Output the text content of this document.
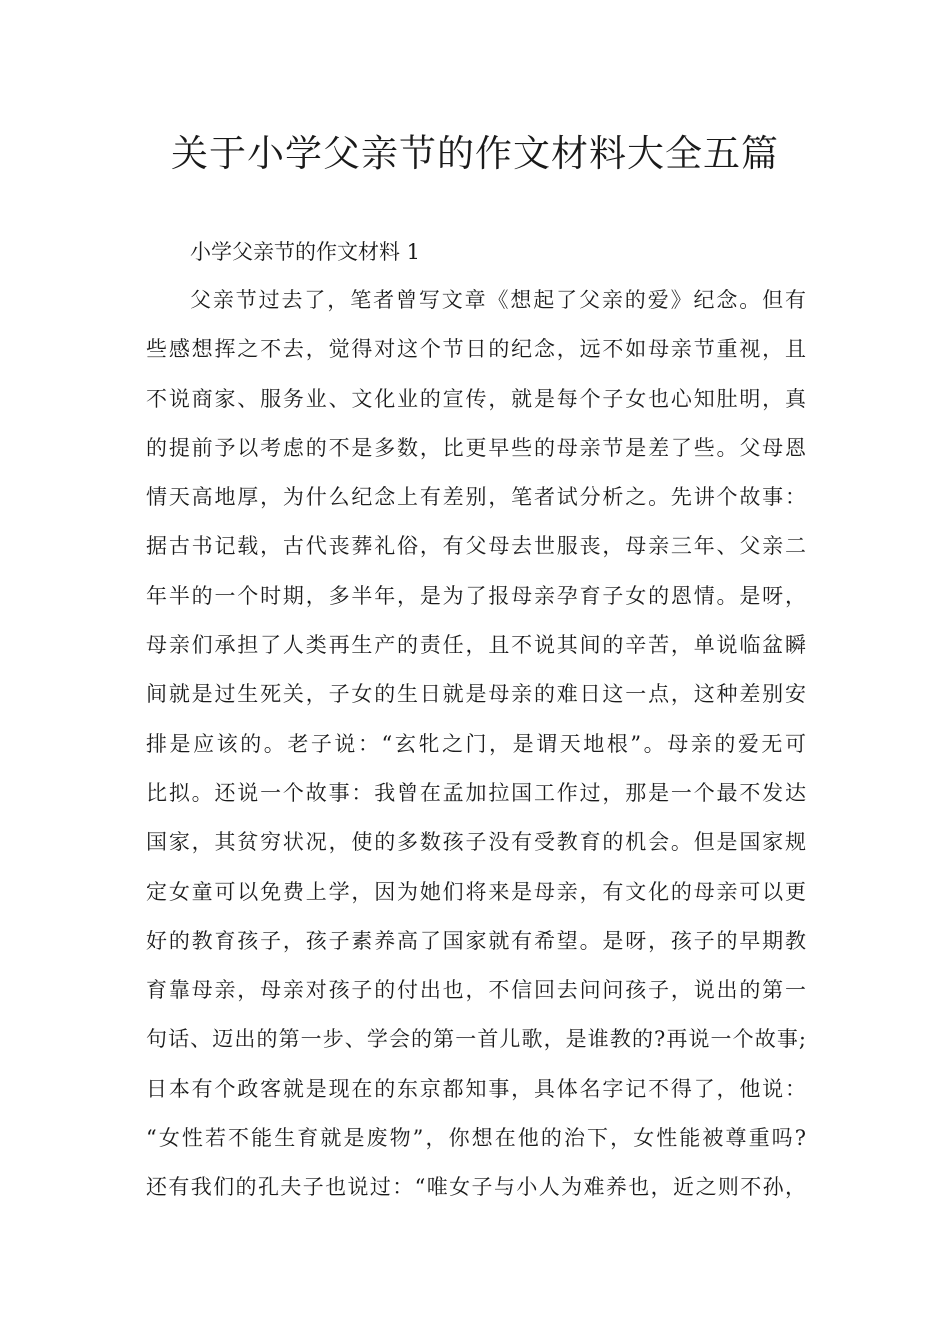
关于小学父亲节的作文材料大全五篇
小学父亲节的作文材料 1
父亲节过去了，笔者曾写文章《想起了父亲的爱》纪念。但有
些感想挥之不去，觉得对这个节日的纪念，远不如母亲节重视，且
不说商家、服务业、文化业的宣传，就是每个子女也心知肚明，真
的提前予以考虑的不是多数，比更早些的母亲节是差了些。父母恩
情天高地厚，为什么纪念上有差别，笔者试分析之。先讲个故事：
据古书记载，古代丧葬礼俗，有父母去世服丧，母亲三年、父亲二
年半的一个时期，多半年，是为了报母亲孕育子女的恩情。是呀，
母亲们承担了人类再生产的责任，且不说其间的辛苦，单说临盆瞬
间就是过生死关，子女的生日就是母亲的难日这一点，这种差别安
排是应该的。老子说：“玄牝之门，是谓天地根”。母亲的爱无可
比拟。还说一个故事：我曾在孟加拉国工作过，那是一个最不发达
国家，其贫穷状况，使的多数孩子没有受教育的机会。但是国家规
定女童可以免费上学，因为她们将来是母亲，有文化的母亲可以更
好的教育孩子，孩子素养高了国家就有希望。是呀，孩子的早期教
育靠母亲，母亲对孩子的付出也，不信回去问问孩子，说出的第一
句话、迈出的第一步、学会的第一首儿歌，是谁教的?再说一个故事;
日本有个政客就是现在的东京都知事，具体名字记不得了，他说：
“女性若不能生育就是废物”，你想在他的治下，女性能被尊重吗?
还有我们的孔夫子也说过：“唯女子与小人为难养也，近之则不孙，
